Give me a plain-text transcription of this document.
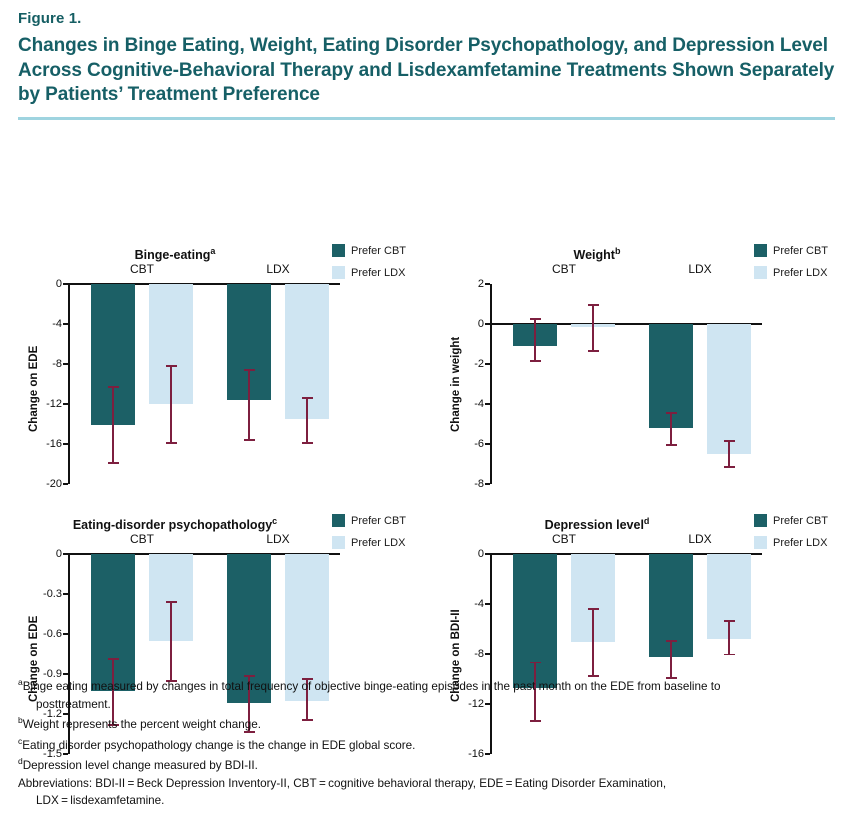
Figure 1.
Changes in Binge Eating, Weight, Eating Disorder Psychopathology, and Depression Level Across Cognitive-Behavioral Therapy and Lisdexamfetamine Treatments Shown Separately by Patients’ Treatment Preference
Binge-eating$^a$	Prefer CBT
Prefer LDX
Change on EDE
0
-4
-8
-12
-16
-20
CBT	LDX
Weight$^b$	Prefer CBT
Prefer LDX
Change in weight
2
0
-2
-4
-6
-8
CBT	LDX
Eating-disorder psychopathology$^c$	Prefer CBT
Prefer LDX
Change on EDE
0
-0.3
-0.6
-0.9
-1.2
-1.5
CBT	LDX
Depression level$^d$	Prefer CBT
Prefer LDX
Change on BDI-II
0
-4
-8
-12
-16
CBT	LDX

$^a$Binge eating measured by changes in total frequency of objective binge-eating episodes in the past month on the EDE from baseline to

posttreatment.

$^b$Weight represents the percent weight change.

$^c$Eating disorder psychopathology change is the change in EDE global score.

$^d$Depression level change measured by BDI-II.

Abbreviations: BDI-II = Beck Depression Inventory-II, CBT = cognitive behavioral therapy, EDE = Eating Disorder Examination,

LDX = lisdexamfetamine.
